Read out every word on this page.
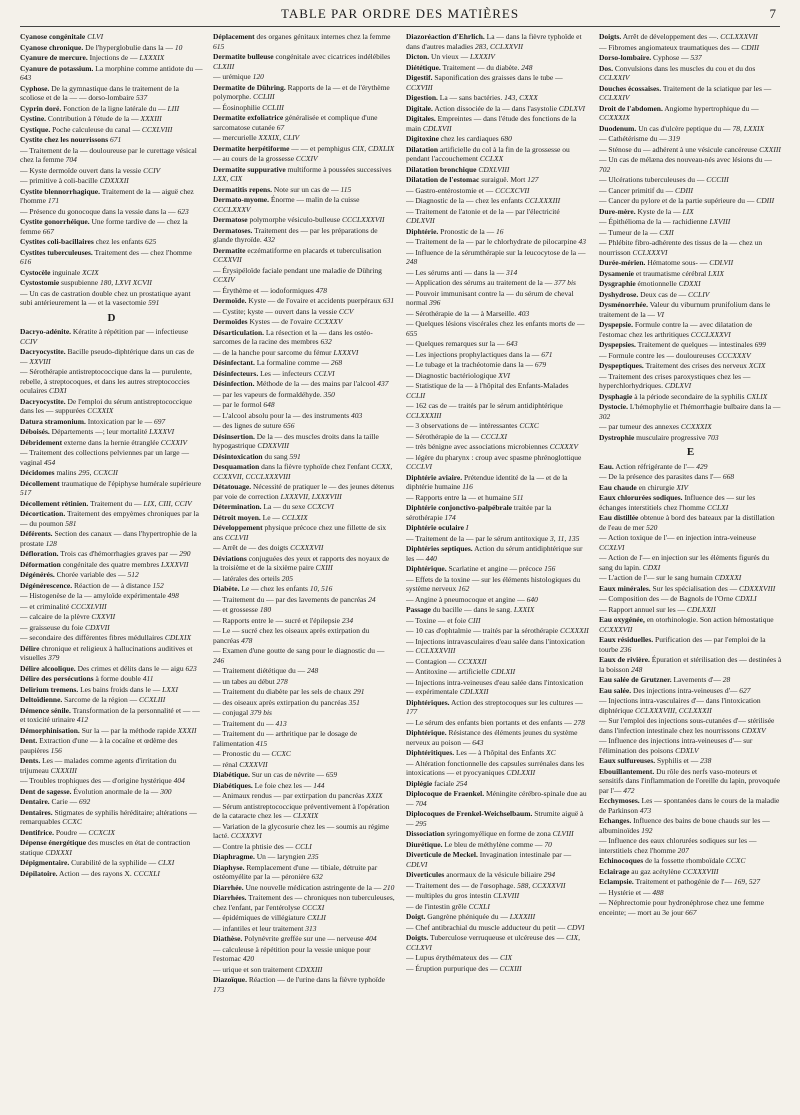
TABLE PAR ORDRE DES MATIÈRES	7
Cyanose congénitale CLVI
Cyanose chronique. De l'hyperglobulie dans la — 10
Cyanure de mercure. Injections de — LXXXIX
Cyanure de potassium. La morphine comme antidote du — 643
Cyphose. De la gymnastique dans le traitement de la scoliose et de la — — dorso-lombaire 537
Cyprin doré. Fonction de la ligne latérale du — LIII
Cystine. Contribution à l'étude de la — XXXIII
Cystique. Poche calculeuse du canal — CCXLVIII
Cystite chez les nourrissons 671
— Traitement de la — douloureuse par le curettage vésical chez la femme 704
— Kyste dermoïde ouvert dans la vessie CCIV
— primitive à coli-bacille CDXXXII
Cystite blennorrhagique. Traitement de la — aiguë chez l'homme 171
— Présence du gonocoque dans la vessie dans la — 623
Cystite gonorrhéique. Une forme tardive de — chez la femme 667
Cystites coli-bacillaires chez les enfants 625
Cystites tuberculeuses. Traitement des — chez l'homme 616
Cystocèle inguinale XCIX
Cystostomie suspubienne 180, LXVI XCVII
— Un cas de castration double chez un prostatique ayant subi antérieurement la — et la vasectomie 591
D
Dacryo-adénite. Kératite à répétition par — infectieuse CCIV
Dacryocystite. Bacille pseudo-diphtérique dans un cas de — XXVIII
— Sérothérapie antistreptococcique dans la — purulente, rebelle, à streptocoques, et dans les autres streptococcies oculaires CDXI
Dacryocystite. De l'emploi du sérum antistreptococcique dans les — suppurées CCXXIX
Datura stramonium. Intoxication par le — 697
Déboisés. Départements —; leur mortalité LXXXVI
Débridement externe dans la hernie étranglée CCXXIV
— Traitement des collections pelviennes par un large — vaginal 454
Décidomes malins 295, CCXCII
Décollement traumatique de l'épiphyse humérale supérieure 517
Décollement rétinien. Traitement du — LIX, CIII, CCIV
Décortication. Traitement des empyèmes chroniques par la — du poumon 581
Déférents. Section des canaux — dans l'hypertrophie de la prostate 128
Défloration. Trois cas d'hémorrhagies graves par — 290
Déformation congénitale des quatre membres LXXXVII
Dégénérés. Chorée variable des — 512
Dégénérescence. Réaction de — à distance 152
— Histogenèse de la — amyloïde expérimentale 498
— et criminalité CCCXLVIII
— calcaire de la plèvre CXXVII
— graisseuse du foie CDXVII
— secondaire des différentes fibres médullaires CDLXIX
Délire chronique et religieux à hallucinations auditives et visuelles 379
Délire alcoolique. Des crimes et délits dans le — aigu 623
Délire des persécutions à forme double 411
Delirium tremens. Les bains froids dans le — LXXI
Deltoïdienne. Sarcome de la région — CCXLIII
Démence sénile. Transformation de la personnalité et — — et toxicité urinaire 412
Démorphinisation. Sur la — par la méthode rapide XXXII
Dent. Extraction d'une — à la cocaïne et œdème des paupières 156
Dents. Les — malades comme agents d'irritation du trijumeau CXXXIII
— Troubles trophiques des — d'origine hystérique 404
Dent de sagesse. Évolution anormale de la — 300
Dentaire. Carie — 692
Dentaires. Stigmates de syphilis héréditaire; altérations — remarquables CCXC
Dentifrice. Poudre — CCXCIX
Dépense énergétique des muscles en état de contraction statique CDXXXI
Dépigmentaire. Curabilité de la syphilide — CLXI
Dépilatoire. Action — des rayons X. CCCXLI
Déplacement des organes génitaux internes chez la femme 615
Dermatite bulleuse congénitale avec cicatrices indélébiles CLXIII
— urémique 120
Dermatite de Dühring. Rapports de la — et de l'érythème polymorphe. CCLIII
— Éosinophilie CCLIII
Dermatite exfoliatrice généralisée et complique d'une sarcomatose cutanée 67
— mercurielle XXXIX, CLIV
Dermatite herpétiforme — — et pemphigus CIX, CDXLIX
— au cours de la grossesse CCXIV
Dermatite suppurative multiforme à poussées successives LXX, CIX
Dermatitis repens. Note sur un cas de — 115
Dermato-myome. Énorme — malin de la cuisse CCCLXXXV
Dermatose polymorphe vésiculo-bulleuse CCCLXXXVII
Dermatoses. Traitement des — par les préparations de glande thyroïde. 432
Dermatite eczématiforme en placards et tuberculisation CCXXVII
— Érysipéloïde faciale pendant une maladie de Dühring CCXIV
— Érythème et — iodoformiques 478
Dermoïde. Kyste — de l'ovaire et accidents puerpéraux 631
— Cystite; kyste — ouvert dans la vessie CCV
Dermoïdes Kystes — de l'ovaire CCXXXV
Désarticulation. La résection et la — dans les ostéo-sarcomes de la racine des membres 632
— de la hanche pour sarcome du fémur LXXXVI
Désinfectant. La formaline comme — 268
Désinfecteurs. Les — infecteurs CCLVI
Désinfection. Méthode de la — des mains par l'alcool 437
— par les vapeurs de formaldéhyde. 350
— par le formol 648
— L'alcool absolu pour la — des instruments 403
— des lignes de suture 656
Désinsertion. De la — des muscles droits dans la taille hypogastrique CDXXVIII
Désintoxication du sang 591
Desquamation dans la fièvre typhoïde chez l'enfant CCXX, CCXXVII, CCCLXXXVIII
Détatouage. Nécessité de pratiquer le — des jeunes détenus par voie de correction LXXXVII, LXXXVIII
Détermination. La — du sexe CCXCVI
Détroit moyen. Le — CCLXIX
Développement physique précoce chez une fillette de six ans CCLVII
— Arrêt de — des doigts CCXXXVII
Déviations conjuguées des yeux et rapports des noyaux de la troisième et de la sixième paire CXIII
— latérales des orteils 205
Diabète. Le — chez les enfants 10, 516
— Traitement du — par des lavements de pancréas 24
— et grossesse 180
— Rapports entre le — sucré et l'épilepsie 234
— Le — sucré chez les oiseaux après extirpation du pancréas 478
— Examen d'une goutte de sang pour le diagnostic du — 246
— Traitement diététique du — 248
— un tabes au début 278
— Traitement du diabète par les sels de chaux 291
— des oiseaux après extirpation du pancréas 351
— conjugal 379 bis
— Traitement du — 413
— Traitement du — arthritique par le dosage de l'alimentation 415
— Pronostic du — CCXC
— rénal CXXXVII
Diabétique. Sur un cas de névrite — 659
Diabétiques. Le foie chez les — 144
— Animaux rendus — par extirpation du pancréas XXIX
— Sérum antistreptococcique préventivement à l'opération de la cataracte chez les — CLXXIX
— Variation de la glycosurie chez les — soumis au régime lacté. CCXXXVI
— Contre la phtisie des — CCLI
Diaphragme. Un — laryngien 235
Diaphyse. Remplacement d'une — tibiale, détruite par ostéomyélite par la — péronière 632
Diarrhée. Une nouvelle médication astringente de la — 210
Diarrhées. Traitement des — chroniques non tuberculeuses, chez l'enfant, par l'entérolyse CCCXI
— épidémiques de villégiature CXLII
— infantiles et leur traitement 313
Diathèse. Polynévrite greffée sur une — nerveuse 404
— calculeuse à répétition pour la vessie unique pour l'estomac 420
— urique et son traitement CDXXIII
Diazoïque. Réaction — de l'urine dans la fièvre typhoïde 173
Diazoréaction d'Ehrlich. La — dans la fièvre typhoïde et dans d'autres maladies 283, CCLXXVII
Dicton. Un vieux — LXXXIV
Diététique. Traitement — du diabète. 248
Digestif. Saponification des graisses dans le tube — CCXVIII
Digestion. La — sans bactéries. 143, CXXX
Digitale. Action dissociée de la — dans l'asystolie CDLXVI
Digitales. Empreintes — dans l'étude des fonctions de la main CDLXVII
Digitoxine chez les cardiaques 680
Dilatation artificielle du col à la fin de la grossesse ou pendant l'accouchement CCLXX
Dilatation bronchique CDXLVIII
Dilatation de l'estomac suraiguë. Mort 127
— Gastro-entérostomie et — CCCXCVII
— Diagnostic de la — chez les enfants CCLXXXIII
— Traitement de l'atonie et de la — par l'électricité CDLXVII
Diphtérie. Pronostic de la — 16
— Traitement de la — par le chlorhydrate de pilocarpine 43
— Influence de la sérumthérapie sur la leucocytose de la — 248
— Les sérums anti — dans la — 314
— Application des sérums au traitement de la — 377 bis
— Pouvoir immunisant contre la — du sérum de cheval normal 396
— Sérothérapie de la — à Marseille. 403
— Quelques lésions viscérales chez les enfants morts de — 655
— Quelques remarques sur la — 643
— Les injections prophylactiques dans la — 671
— Le tubage et la trachéotomie dans la — 679
— Diagnostic bactériologique XVI
— Statistique de la — à l'hôpital des Enfants-Malades CCLII
— 162 cas de — traités par le sérum antidiphtérique CCLXXXIII
— 3 observations de — intéressantes CCXC
— Sérothérapie de la — CCCLXI
— très bénigne avec associations microbiennes CCXXXV
— légère du pharynx : croup avec spasme phrénoglottique CCCLVI
Diphtérie aviaire. Prétendue identité de la — et de la diphtérie humaine 116
— Rapports entre la — et humaine 511
Diphtérie conjonctivo-palpébrale traitée par la sérothérapie 174
Diphtérie oculaire I
— Traitement de la — par le sérum antitoxique 3, 11, 135
Diphtéries septiques. Action du sérum antidiphtérique sur les — 440
Diphtérique. Scarlatine et angine — précoce 156
— Effets de la toxine — sur les éléments histologiques du système nerveux 162
— Angine à pneumocoque et angine — 640
Passage du bacille — dans le sang. LXXIX
— Toxine — et foie CIII
— 10 cas d'ophtalmie — traités par la sérothérapie CCXXXII
— Injections intravasculaires d'eau salée dans l'intoxication — CCLXXXVIII
— Contagion — CCXXXII
— Antitoxine — artificielle CDLXII
— Injections intra-veineuses d'eau salée dans l'intoxication — expérimentale CDLXXII
Diphtériques. Action des streptocoques sur les cultures — 177
— Le sérum des enfants bien portants et des enfants — 278
Diphtérique. Résistance des éléments jeunes du système nerveux au poison — 643
Diphtéritiques. Les — à l'hôpital des Enfants XC
— Altération fonctionnelle des capsules surrénales dans les intoxications — et pyocyaniques CDLXXII
Diplégie faciale 254
Diplocoque de Fraenkel. Méningite cérébro-spinale due au — 704
Diplocoques de Frenkel-Weichselbaum. Strumite aiguë à — 295
Dissociation syringomyélique en forme de zona CLVIII
Diurétique. Le bleu de méthylène comme — 70
Diverticule de Meckel. Invagination intestinale par — CDLVI
Diverticules anormaux de la vésicule biliaire 294
— Traitement des — de l'œsophage. 588, CCXXXVII
— multiples du gros intestin CLXVIII
— de l'intestin grêle CCXLI
Doigt. Gangrène phéniquée du — LXXXIII
— Chef antibrachial du muscle adducteur du petit — CDVI
Doigts. Tuberculose verruqueuse et ulcéreuse des — CIX, CCLXVI
— Lupus érythémateux des — CIX
— Éruption purpurique des — CCXIII
Doigts. Arrêt de développement des —. CCLXXXVII
— Fibromes angiomateux traumatiques des — CDIII
Dorso-lombaire. Cyphose — 537
Dos. Convulsions dans les muscles du cou et du dos CCLXXIV
Douches écossaises. Traitement de la sciatique par les — CCLXXIV
Droit de l'abdomen. Angiome hypertrophique du — CCXXXIX
Duodenum. Un cas d'ulcère peptique du — 78, LXXIX
— Cathétérisme du — 319
— Sténose du — adhérent à une vésicule cancéreuse CXXIII
— Un cas de mélæna des nouveau-nés avec lésions du — 702
— Ulcérations tuberculeuses du — CCCIII
— Cancer primitif du — CDIII
— Cancer du pylore et de la partie supérieure du — CDIII
Dure-mère. Kyste de la — LIX
— Épithélioma de la — rachidienne LXVIII
— Tumeur de la — CXII
— Phlébite fibro-adhérente des tissus de la — chez un nourrisson CCLXXXVI
Durée-mérien. Hématome sous- — CDLVII
Dysamenie et traumatisme cérébral LXIX
Dysgraphie émotionnelle CDXXI
Dyshydrose. Deux cas de — CCLIV
Dysménorrhée. Valeur du viburnum prunifolium dans le traitement de la — VI
Dyspepsie. Formule contre la — avec dilatation de l'estomac chez les arthritiques CCCLXXXVI
Dyspepsies. Traitement de quelques — intestinales 699
— Formule contre les — douloureuses CCCXXXV
Dyspeptiques. Traitement des crises des nerveux XCIX
— Traitement des crises paroxystiques chez les — hyperchlorhydriques. CDLXVI
Dysphagie à la période secondaire de la syphilis CXLIX
Dystocie. L'hémophylie et l'hémorrhagie bulbaire dans la — 302
— par tumeur des annexes CCXXXIX
Dystrophie musculaire progressive 703
E
Eau. Action réfrigérante de l'— 429
— De la présence des parasites dans l'— 668
Eau chaude en chirurgie XIV
Eaux chlorurées sodiques. Influence des — sur les échanges interstitiels chez l'homme CCLXI
Eau distillée obtenue à bord des bateaux par la distillation de l'eau de mer 520
— Action toxique de l'— en injection intra-veineuse CCXLVI
— Action de l'— en injection sur les éléments figurés du sang du lapin. CDXI
— L'action de l'— sur le sang humain CDXXXI
Eaux minérales. Sur les spécialisation des — CDXXXVIII
— Composition des — de Bagnols de l'Orne CDXLI
— Rapport annuel sur les — CDLXXII
Eau oxygénée, en otorhinologie. Son action hémostatique CCXXXVII
Eaux résiduelles. Purification des — par l'emploi de la tourbe 236
Eaux de rivière. Épuration et stérilisation des — destinées à la boisson 248
Eau salée de Grutzner. Lavements d'— 28
Eau salée. Des injections intra-veineuses d'— 627
— Injections intra-vasculaires d'— dans l'intoxication diphtérique CCLXXXVIII, CCLXXXII
— Sur l'emploi des injections sous-cutanées d'— stérilisée dans l'infection intestinale chez les nourrissons CDXXV
— Influence des injections intra-veineuses d'— sur l'élimination des poisons CDXLV
Eaux sulfureuses. Syphilis et — 238
Ebouillantement. Du rôle des nerfs vaso-moteurs et sensitifs dans l'inflammation de l'oreille du lapin, provoquée par l'— 472
Ecchymoses. Les — spontanées dans le cours de la maladie de Parkinson 473
Echanges. Influence des bains de boue chauds sur les — albuminoïdes 192
— Influence des eaux chlorurées sodiques sur les — interstitiels chez l'homme 207
Echinocoques de la fossette rhomboïdale CCXC
Eclairage au gaz acétylène CCXXXVIII
Eclampsie. Traitement et pathogénie de l'— 169, 527
— Hystérie et — 488
— Néphrectomie pour hydronéphrose chez une femme enceinte; — mort au 3e jour 667
